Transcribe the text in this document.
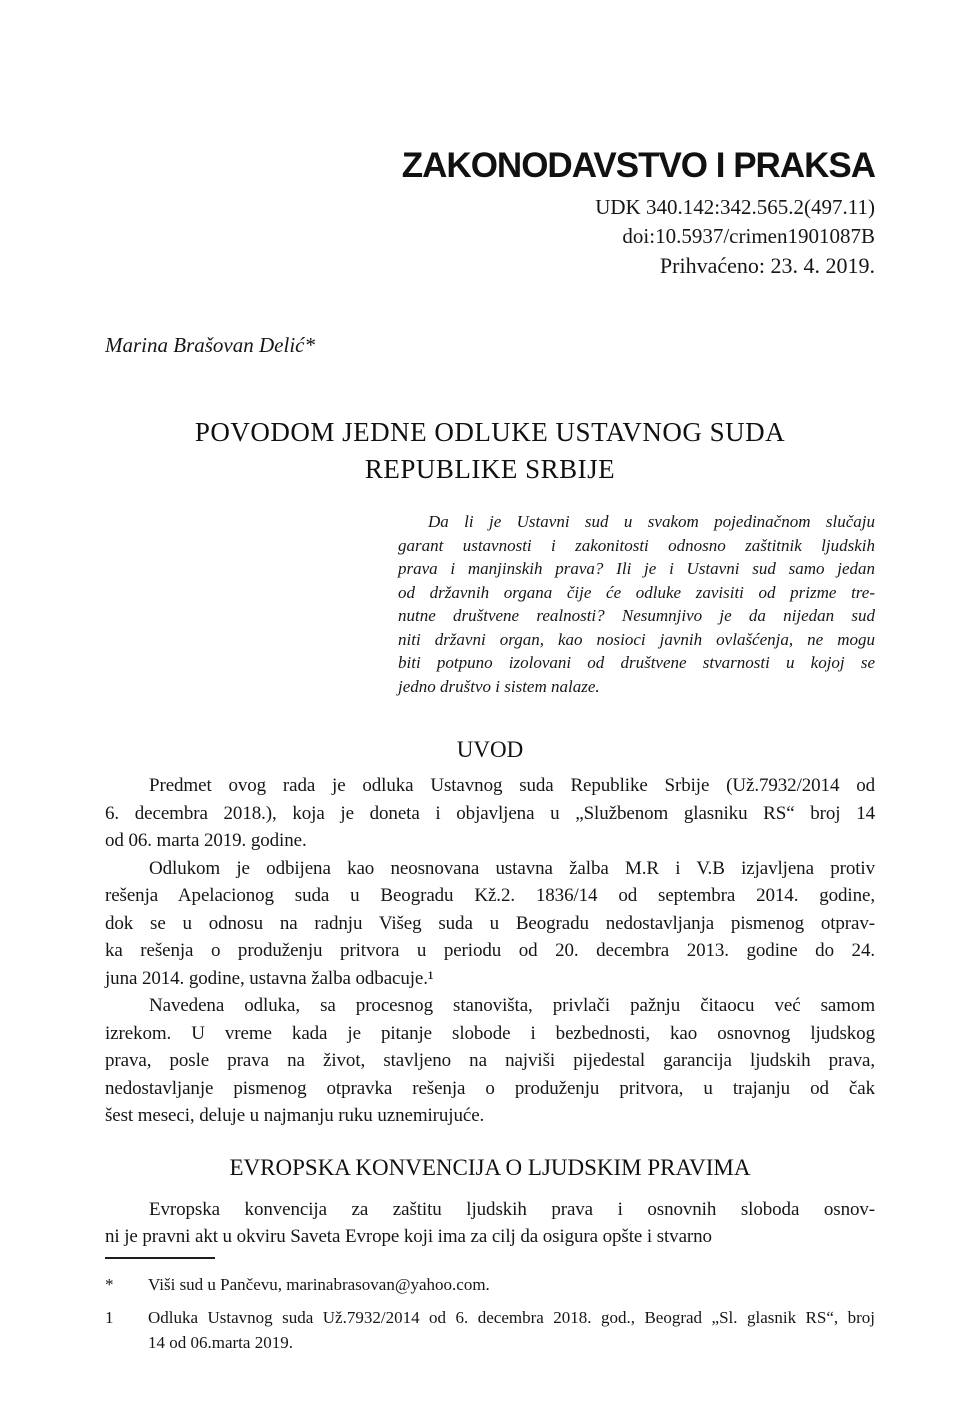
ZAKONODAVSTVO I PRAKSA
UDK 340.142:342.565.2(497.11)
doi:10.5937/crimen1901087B
Prihvaćeno: 23. 4. 2019.
Marina Brašovan Delić*
POVODOM JEDNE ODLUKE USTAVNOG SUDA
REPUBLIKE SRBIJE
Da li je Ustavni sud u svakom pojedinačnom slučaju
garant ustavnosti i zakonitosti odnosno zaštitnik ljudskih
prava i manjinskih prava? Ili je i Ustavni sud samo jedan
od državnih organa čije će odluke zavisiti od prizme tre-
nutne društvene realnosti? Nesumnjivo je da nijedan sud
niti državni organ, kao nosioci javnih ovlašćenja, ne mogu
biti potpuno izolovani od društvene stvarnosti u kojoj se
jedno društvo i sistem nalaze.
UVOD

Predmet ovog rada je odluka Ustavnog suda Republike Srbije (Už.7932/2014 od
6. decembra 2018.), koja je doneta i objavljena u „Službenom glasniku RS“ broj 14
od 06. marta 2019. godine.

Odlukom je odbijena kao neosnovana ustavna žalba M.R i V.B izjavljena protiv
rešenja Apelacionog suda u Beogradu Kž.2. 1836/14 od septembra 2014. godine,
dok se u odnosu na radnju Višeg suda u Beogradu nedostavljanja pismenog otprav-
ka rešenja o produženju pritvora u periodu od 20. decembra 2013. godine do 24.
juna 2014. godine, ustavna žalba odbacuje.¹

Navedena odluka, sa procesnog stanovišta, privlači pažnju čitaocu već samom
izrekom. U vreme kada je pitanje slobode i bezbednosti, kao osnovnog ljudskog
prava, posle prava na život, stavljeno na najviši pijedestal garancija ljudskih prava,
nedostavljanje pismenog otpravka rešenja o produženju pritvora, u trajanju od čak
šest meseci, deluje u najmanju ruku uznemirujuće.

EVROPSKA KONVENCIJA O LJUDSKIM PRAVIMA

Evropska konvencija za zaštitu ljudskih prava i osnovnih sloboda osnov-
ni je pravni akt u okviru Saveta Evrope koji ima za cilj da osigura opšte i stvarno

*	Viši sud u Pančevu, marinabrasovan@yahoo.com.
1	Odluka Ustavnog suda Už.7932/2014 od 6. decembra 2018. god., Beograd „Sl. glasnik RS“, broj
14 od 06.marta 2019.
